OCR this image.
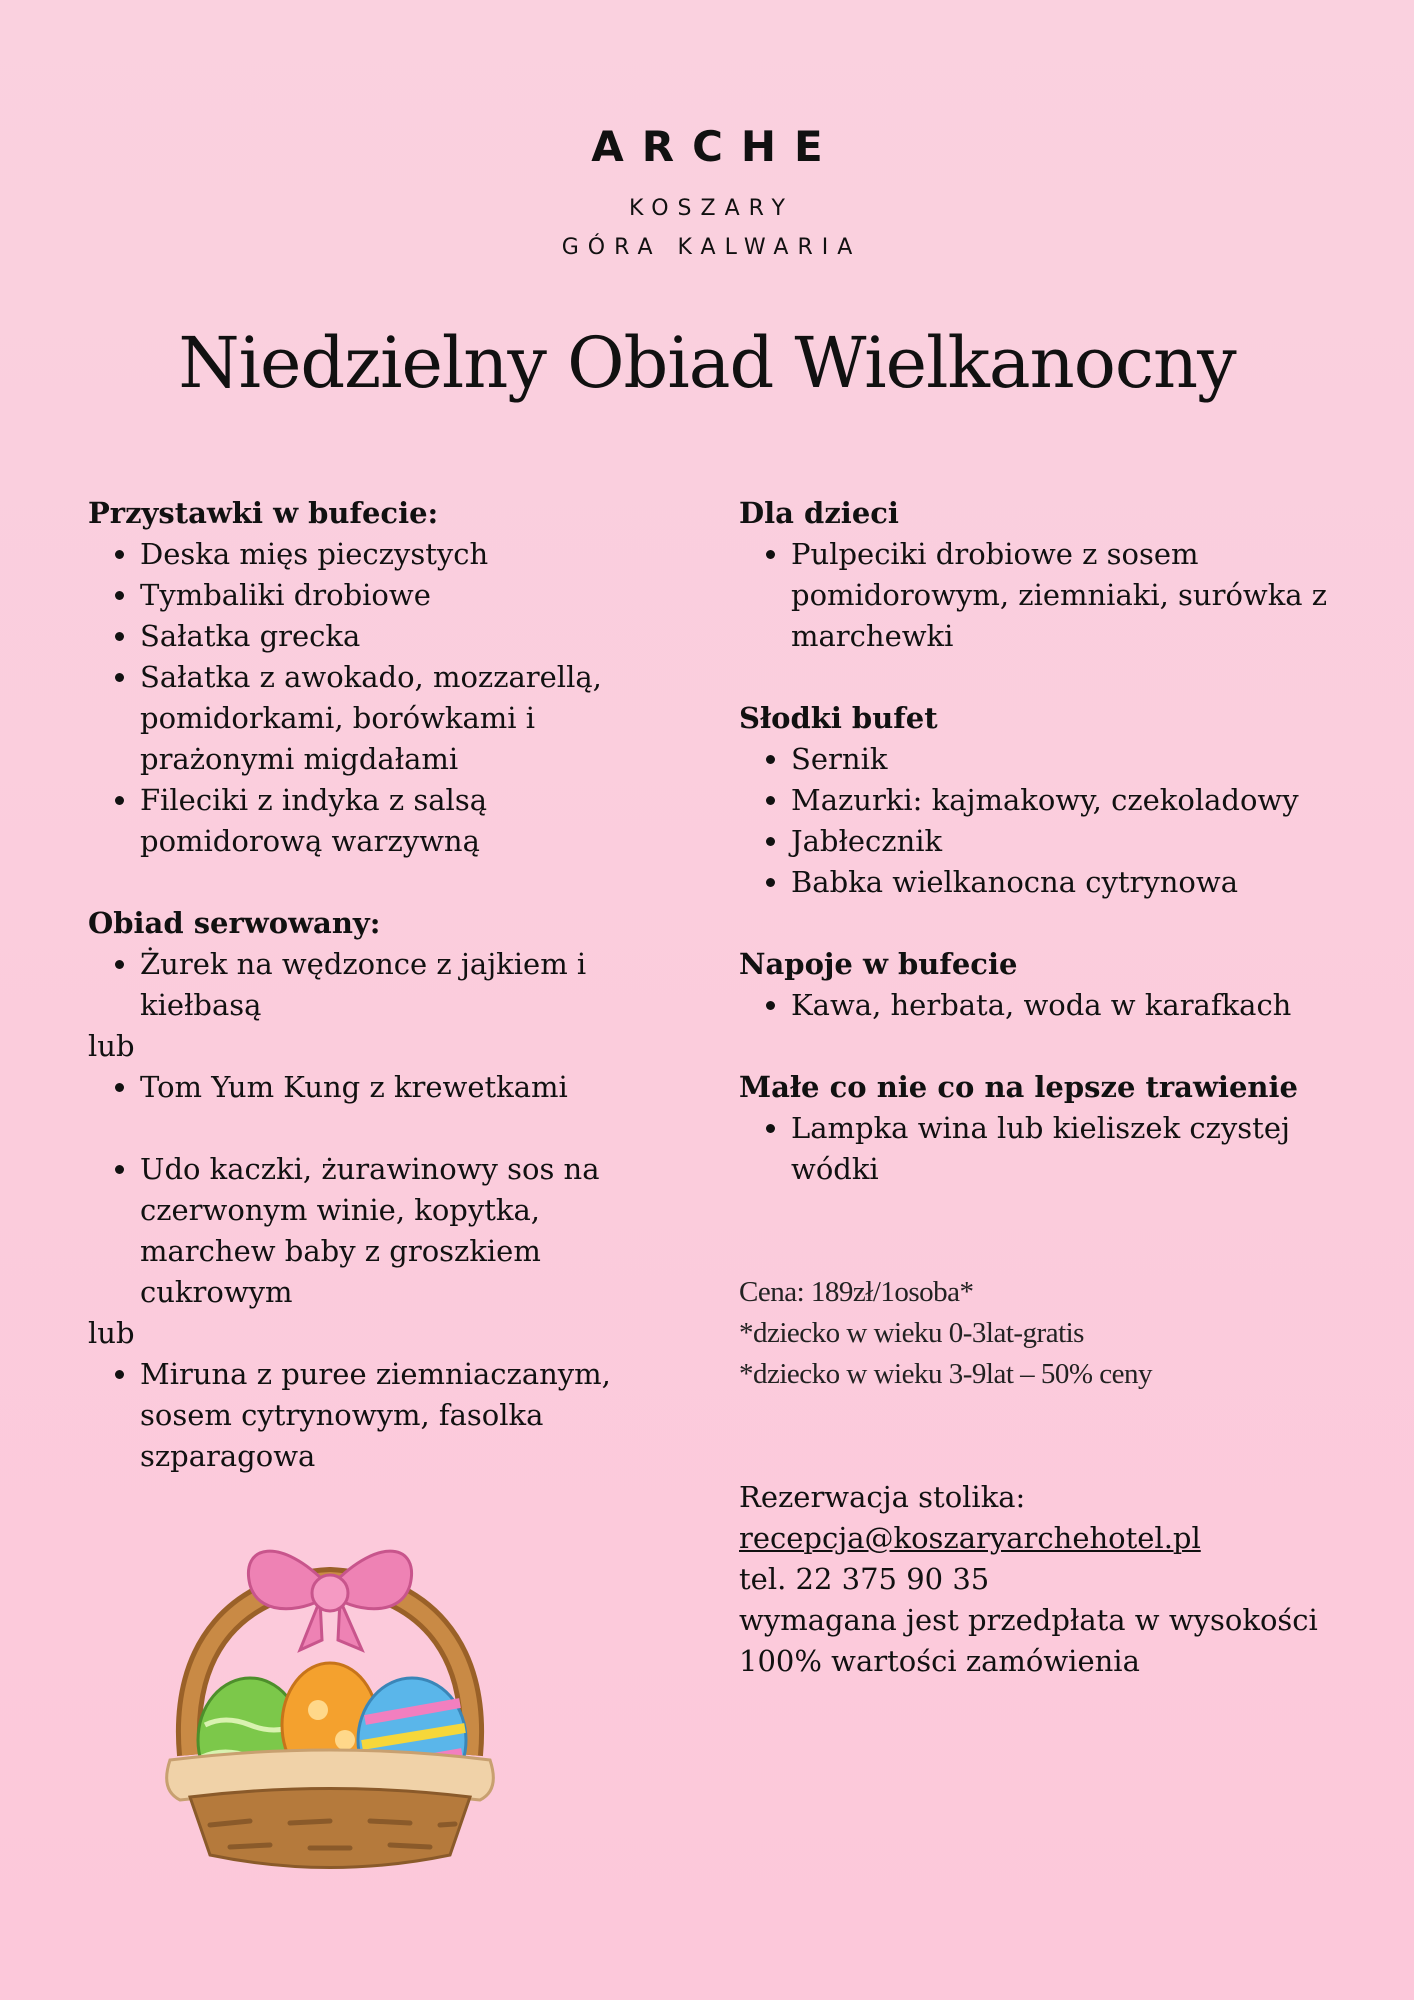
ARCHE
KOSZARY
GÓRA KALWARIA
Niedzielny Obiad Wielkanocny
Przystawki w bufecie:
• Deska mięs pieczystych
• Tymbaliki drobiowe
• Sałatka grecka
• Sałatka z awokado, mozzarellą, pomidorkami, borówkami i prażonymi migdałami
• Fileciki z indyka z salsą pomidorową warzywną
Obiad serwowany:
• Żurek na wędzonce z jajkiem i kiełbasą
lub
• Tom Yum Kung z krewetkami
• Udo kaczki, żurawinowy sos na czerwonym winie, kopytka, marchew baby z groszkiem cukrowym
lub
• Miruna z puree ziemniaczanym, sosem cytrynowym, fasolka szparagowa
Dla dzieci
• Pulpeciki drobiowe z sosem pomidorowym, ziemniaki, surówka z marchewki
Słodki bufet
• Sernik
• Mazurki: kajmakowy, czekoladowy
• Jabłecznik
• Babka wielkanocna cytrynowa
Napoje w bufecie
• Kawa, herbata, woda w karafkach
Małe co nie co na lepsze trawienie
• Lampka wina lub kieliszek czystej wódki
Cena: 189zł/1osoba*
*dziecko w wieku 0-3lat-gratis
*dziecko w wieku 3-9lat – 50% ceny
Rezerwacja stolika:
recepcja@koszaryarchehotel.pl
tel. 22 375 90 35
wymagana jest przedpłata w wysokości 100% wartości zamówienia
